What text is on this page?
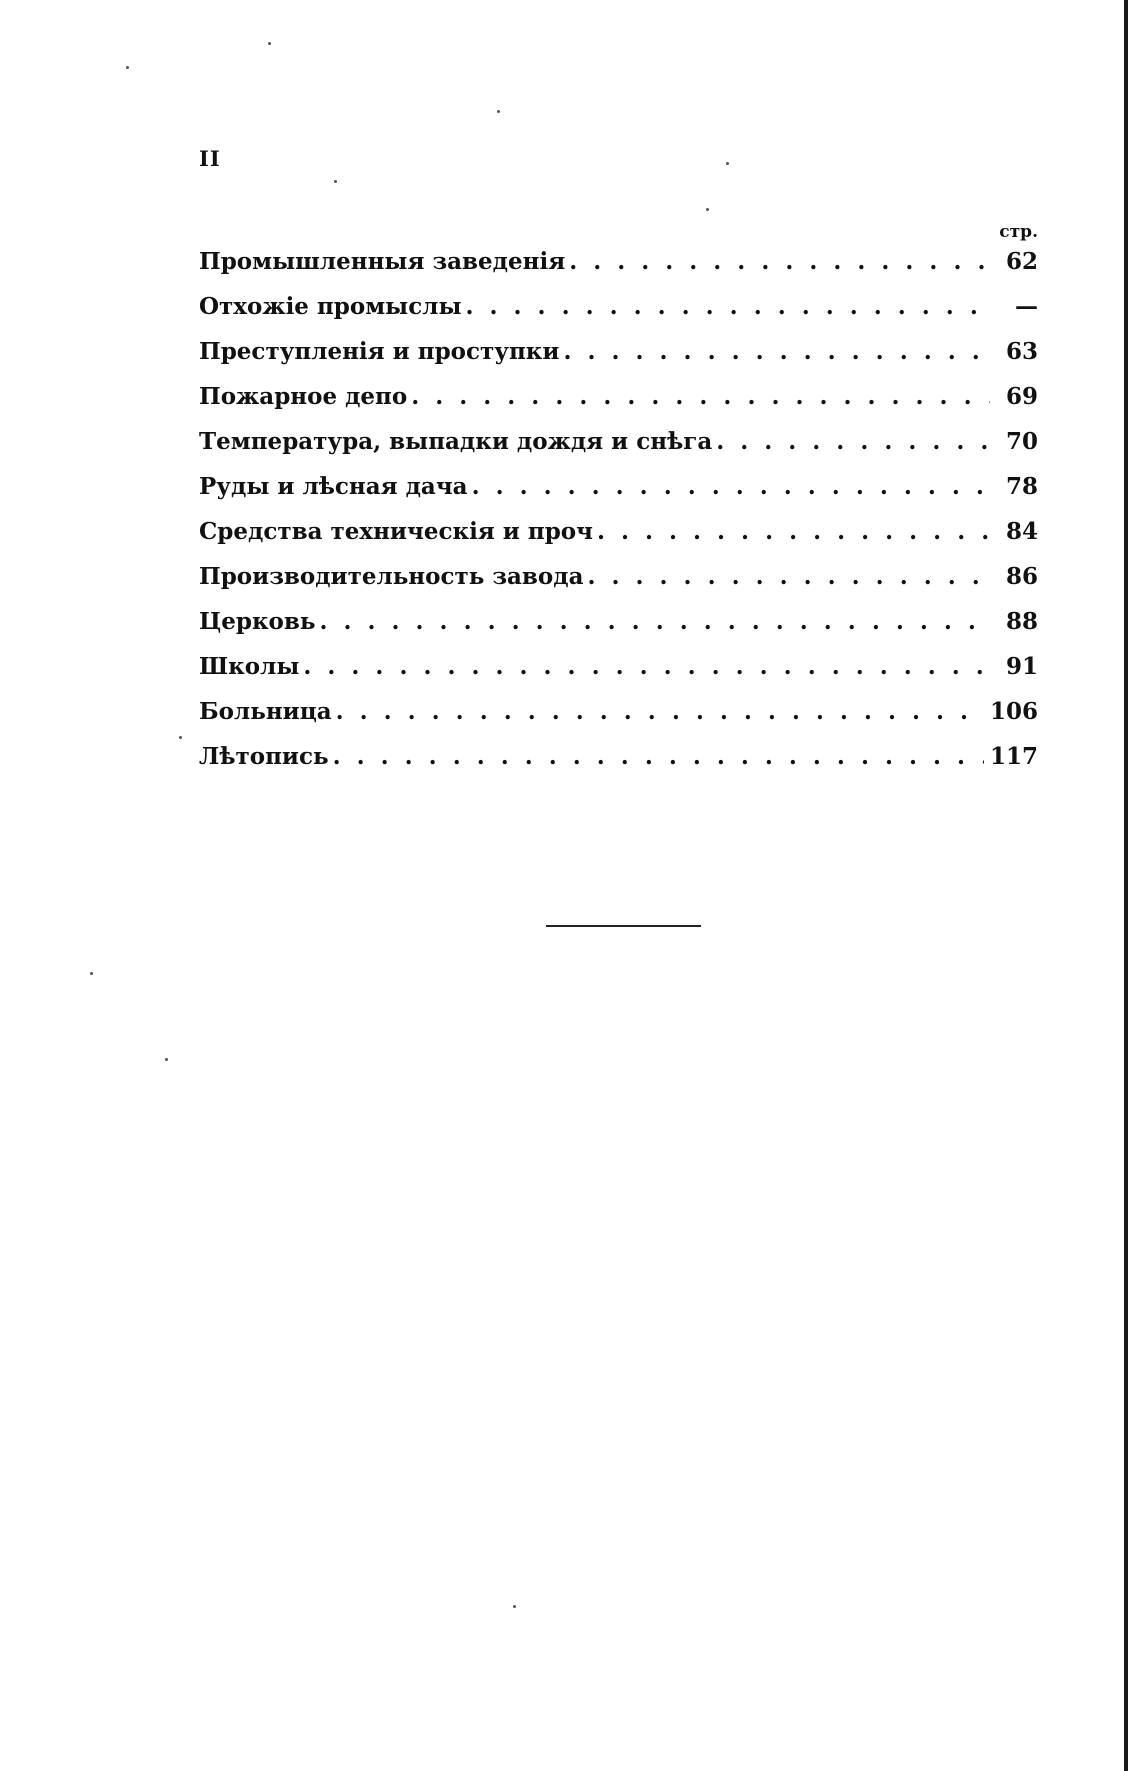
II
стр.
Промышленныя заведенія . . .	62
Отхожіе промыслы . . .	—
Преступленія и проступки . . .	63
Пожарное депо . . .	69
Температура, выпадки дождя и снѣга . . .	70
Руды и лѣсная дача . . .	78
Средства техническія и проч . . .	84
Производительность завода . . .	86
Церковь . . .	88
Школы . . .	91
Больница . . .	106
Лѣтопись . . .	117
